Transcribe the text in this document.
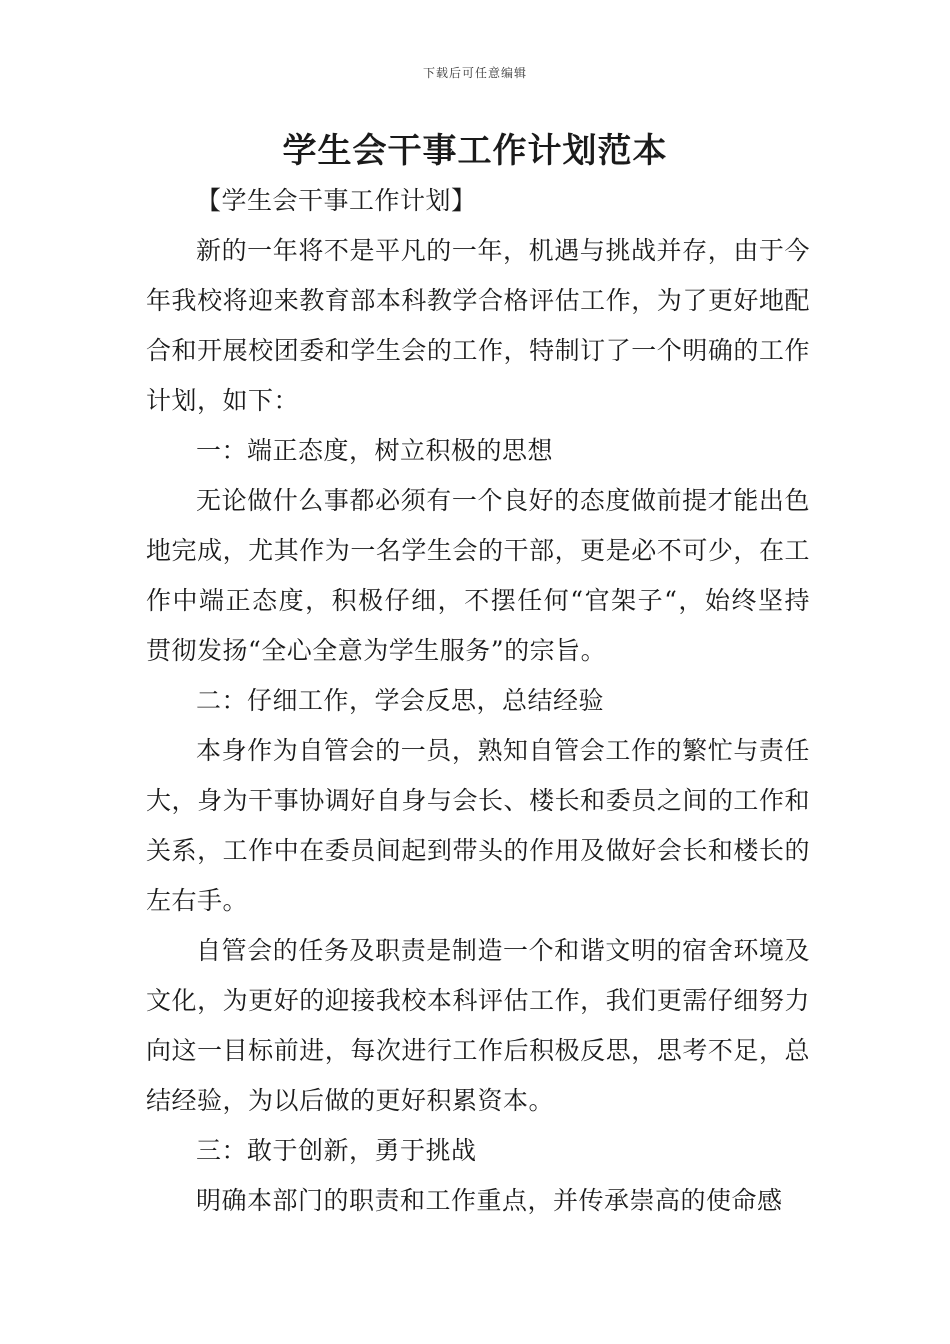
下载后可任意编辑
学生会干事工作计划范本

【学生会干事工作计划】

新的一年将不是平凡的一年，机遇与挑战并存，由于今年我校将迎来教育部本科教学合格评估工作，为了更好地配合和开展校团委和学生会的工作，特制订了一个明确的工作计划，如下：

一：端正态度，树立积极的思想

无论做什么事都必须有一个良好的态度做前提才能出色地完成，尤其作为一名学生会的干部，更是必不可少，在工作中端正态度，积极仔细，不摆任何“官架子“，始终坚持贯彻发扬“全心全意为学生服务”的宗旨。

二：仔细工作，学会反思，总结经验

本身作为自管会的一员，熟知自管会工作的繁忙与责任大，身为干事协调好自身与会长、楼长和委员之间的工作和关系，工作中在委员间起到带头的作用及做好会长和楼长的左右手。

自管会的任务及职责是制造一个和谐文明的宿舍环境及文化，为更好的迎接我校本科评估工作，我们更需仔细努力向这一目标前进，每次进行工作后积极反思，思考不足，总结经验，为以后做的更好积累资本。

三：敢于创新，勇于挑战

明确本部门的职责和工作重点，并传承崇高的使命感
